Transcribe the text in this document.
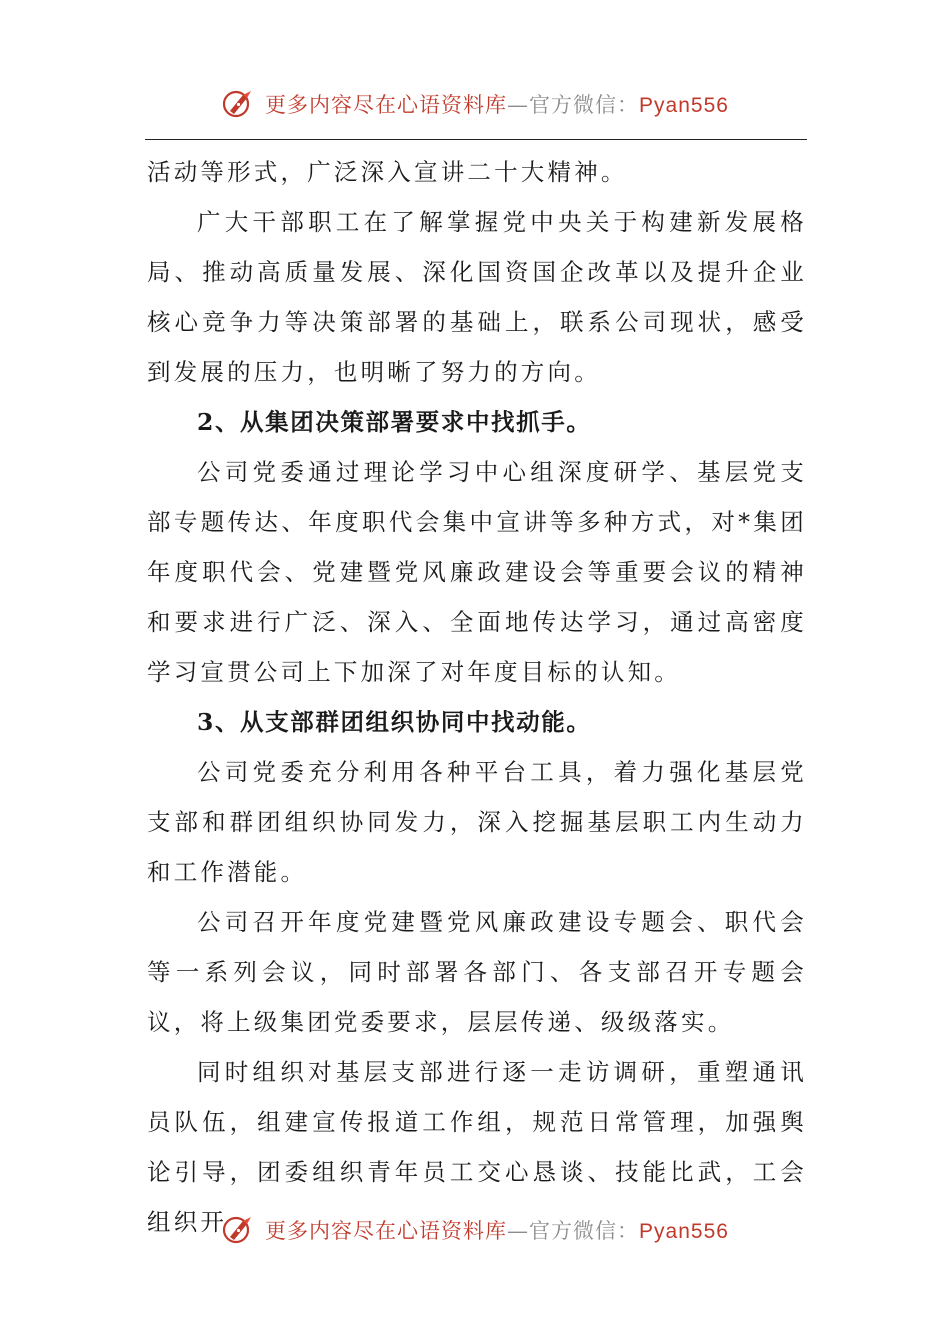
更多内容尽在心语资料库—官方微信：Pyan556

活动等形式，广泛深入宣讲二十大精神。

广大干部职工在了解掌握党中央关于构建新发展格局、推动高质量发展、深化国资国企改革以及提升企业核心竞争力等决策部署的基础上，联系公司现状，感受到发展的压力，也明晰了努力的方向。

2、从集团决策部署要求中找抓手。

公司党委通过理论学习中心组深度研学、基层党支部专题传达、年度职代会集中宣讲等多种方式，对*集团年度职代会、党建暨党风廉政建设会等重要会议的精神和要求进行广泛、深入、全面地传达学习，通过高密度学习宣贯公司上下加深了对年度目标的认知。

3、从支部群团组织协同中找动能。

公司党委充分利用各种平台工具，着力强化基层党支部和群团组织协同发力，深入挖掘基层职工内生动力和工作潜能。

公司召开年度党建暨党风廉政建设专题会、职代会等一系列会议，同时部署各部门、各支部召开专题会议，将上级集团党委要求，层层传递、级级落实。

同时组织对基层支部进行逐一走访调研，重塑通讯员队伍，组建宣传报道工作组，规范日常管理，加强舆论引导，团委组织青年员工交心恳谈、技能比武，工会组织开	更多内容尽在心语资料库—官方微信：Pyan556
